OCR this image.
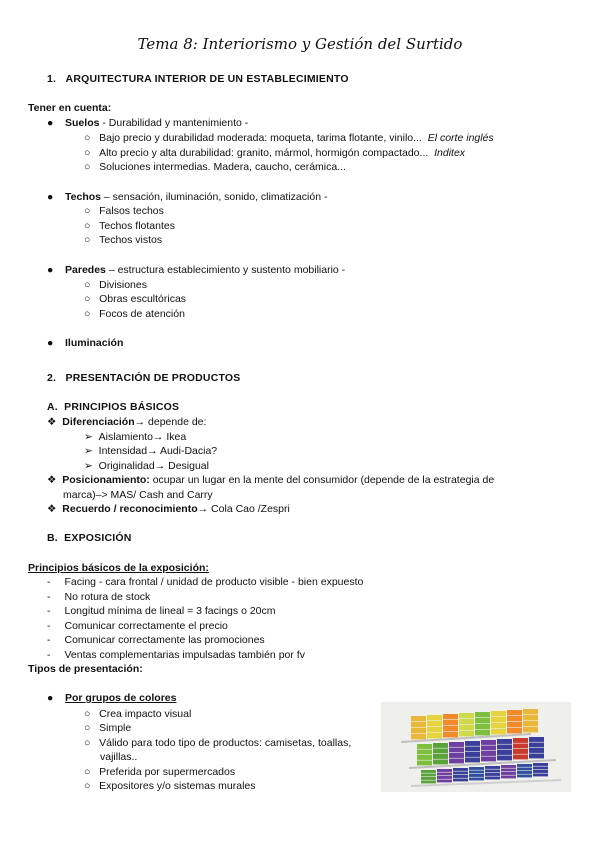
Tema 8: Interiorismo y Gestión del Surtido
1. ARQUITECTURA INTERIOR DE UN ESTABLECIMIENTO
Tener en cuenta:
● Suelos - Durabilidad y mantenimiento -
○ Bajo precio y durabilidad moderada: moqueta, tarima flotante, vinilo... El corte inglés
○ Alto precio y alta durabilidad: granito, mármol, hormigón compactado... Inditex
○ Soluciones intermedias. Madera, caucho, cerámica...
● Techos – sensación, iluminación, sonido, climatización -
○ Falsos techos
○ Techos flotantes
○ Techos vistos
● Paredes – estructura establecimiento y sustento mobiliario -
○ Divisiones
○ Obras escultóricas
○ Focos de atención
● Iluminación
2. PRESENTACIÓN DE PRODUCTOS
A. PRINCIPIOS BÁSICOS
❖ Diferenciación→ depende de:
➢ Aislamiento→ Ikea
➢ Intensidad→ Audi-Dacia?
➢ Originalidad→ Desigual
❖ Posicionamiento: ocupar un lugar en la mente del consumidor (depende de la estrategia de
marca)–> MAS/ Cash and Carry
❖ Recuerdo / reconocimiento→ Cola Cao /Zespri
B. EXPOSICIÓN
Principios básicos de la exposición:
- Facing - cara frontal / unidad de producto visible - bien expuesto
- No rotura de stock
- Longitud mínima de lineal = 3 facings o 20cm
- Comunicar correctamente el precio
- Comunicar correctamente las promociones
- Ventas complementarias impulsadas también por fv
Tipos de presentación:
● Por grupos de colores
○ Crea impacto visual
○ Simple
○ Válido para todo tipo de productos: camisetas, toallas,
vajillas..
○ Preferida por supermercados
○ Expositores y/o sistemas murales
